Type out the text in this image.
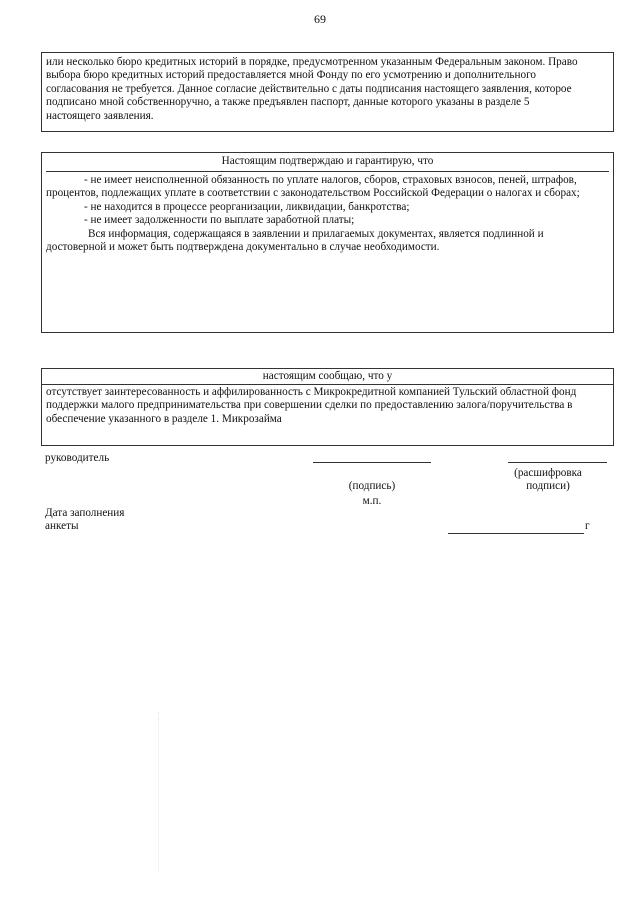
69

или несколько бюро кредитных историй в порядке, предусмотренном указанным Федеральным законом. Право

выбора бюро кредитных историй предоставляется мной Фонду по его усмотрению и дополнительного

согласования не требуется. Данное согласие действительно с даты подписания настоящего заявления, которое

подписано мной собственноручно, а также предъявлен паспорт, данные которого указаны в разделе 5

настоящего заявления.

Настоящим подтверждаю и гарантирую, что

- не имеет неисполненной обязанность по уплате налогов, сборов, страховых взносов, пеней, штрафов,

процентов, подлежащих уплате в соответствии с законодательством Российской Федерации о налогах и сборах;

- не находится в процессе реорганизации, ликвидации, банкротства;

- не имеет задолженности по выплате заработной платы;

Вся информация, содержащаяся в заявлении и прилагаемых документах, является подлинной и

достоверной и может быть подтверждена документально в случае необходимости.

настоящим сообщаю, что у

отсутствует заинтересованность и аффилированность с Микрокредитной компанией Тульский областной фонд

поддержки малого предпринимательства при совершении сделки по предоставлению залога/поручительства в

обеспечение указанного в разделе 1. Микрозайма

руководитель
(расшифровка
(подпись)	подписи)
м.п.
Дата заполнения
анкеты	г
